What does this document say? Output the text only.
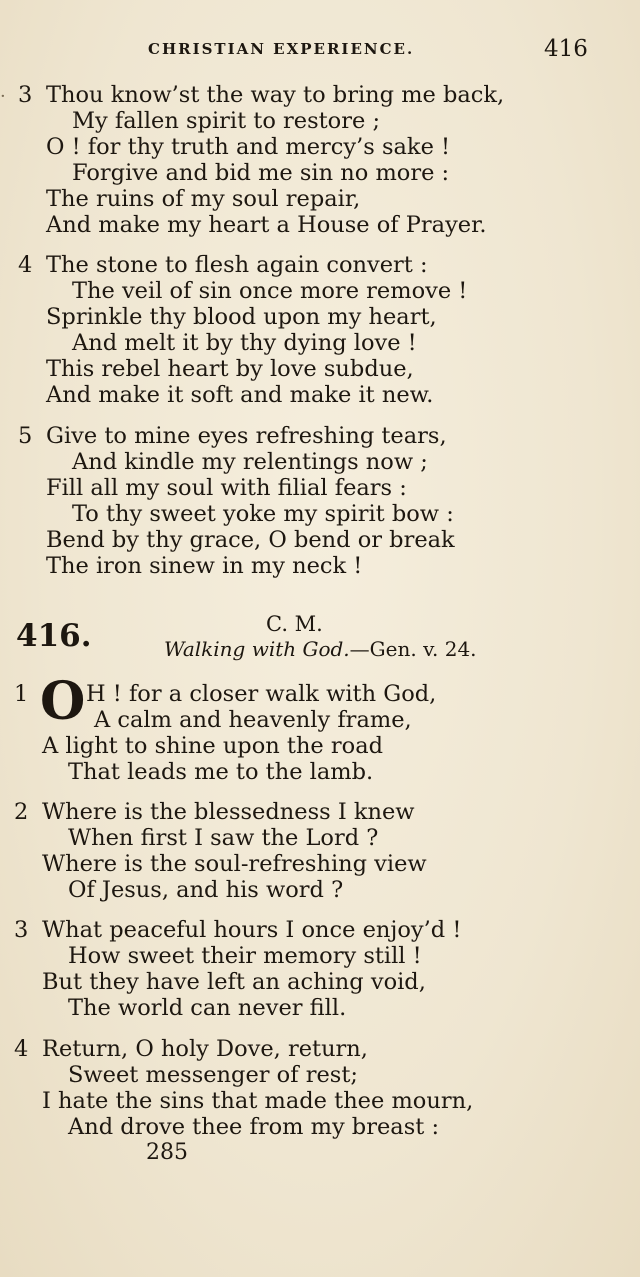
CHRISTIAN EXPERIENCE.	416
· 3 Thou know’st the way to bring me back,
My fallen spirit to restore ;
O ! for thy truth and mercy’s sake !
Forgive and bid me sin no more :
The ruins of my soul repair,
And make my heart a House of Prayer.
4 The stone to flesh again convert :
The veil of sin once more remove !
Sprinkle thy blood upon my heart,
And melt it by thy dying love !
This rebel heart by love subdue,
And make it soft and make it new.
5 Give to mine eyes refreshing tears,
And kindle my relentings now ;
Fill all my soul with filial fears :
To thy sweet yoke my spirit bow :
Bend by thy grace, O bend or break
The iron sinew in my neck !
416.	C. M.
Walking with God.—Gen. v. 24.
1 O H ! for a closer walk with God,
A calm and heavenly frame,
A light to shine upon the road
That leads me to the lamb.
2 Where is the blessedness I knew
When first I saw the Lord ?
Where is the soul-refreshing view
Of Jesus, and his word ?
3 What peaceful hours I once enjoy’d !
How sweet their memory still !
But they have left an aching void,
The world can never fill.
4 Return, O holy Dove, return,
Sweet messenger of rest;
I hate the sins that made thee mourn,
And drove thee from my breast :
285
